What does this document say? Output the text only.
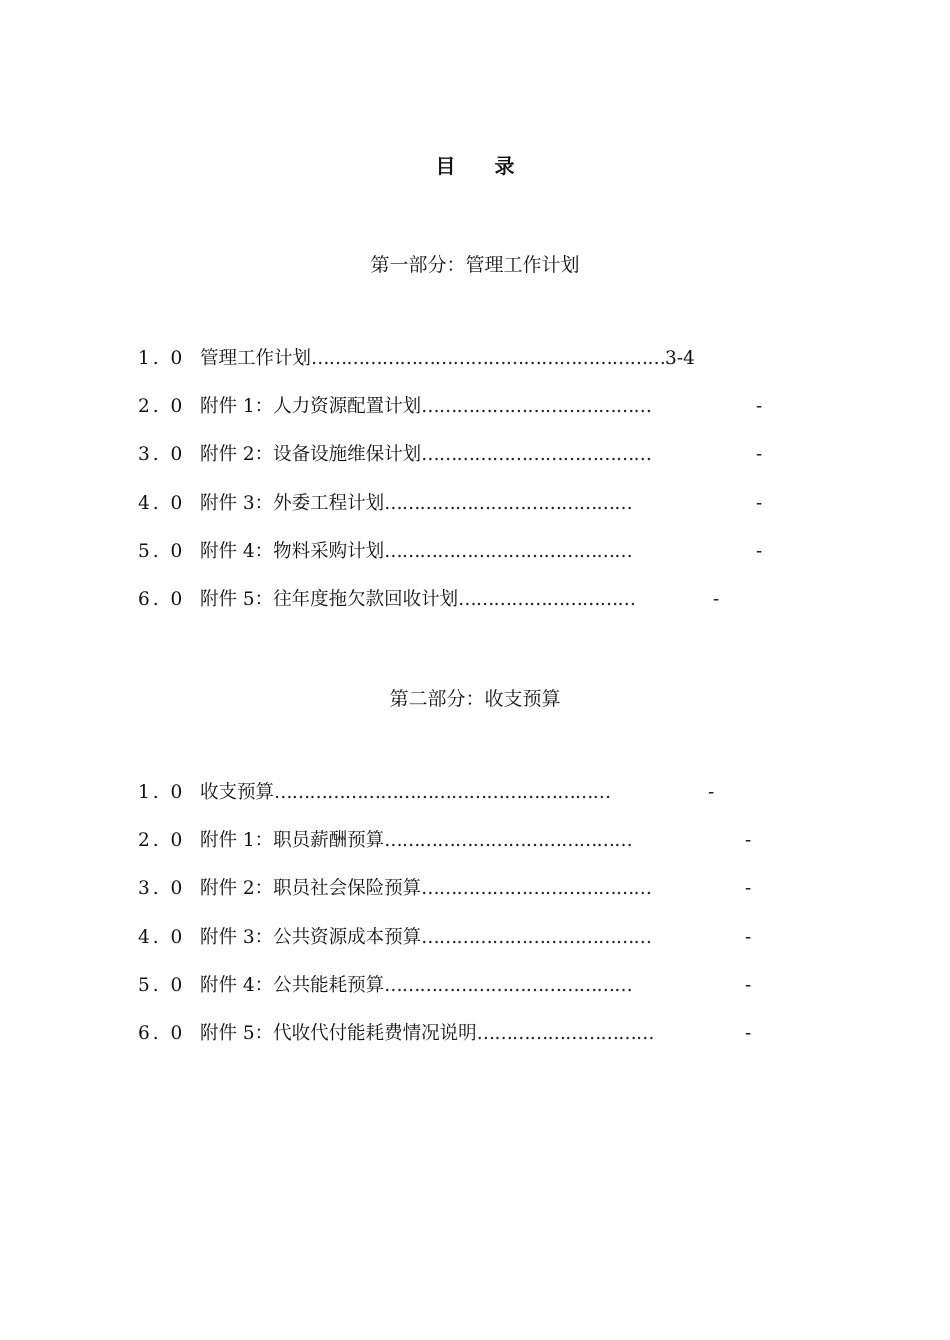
目 录
第一部分：管理工作计划
1. 0 管理工作计划……………………………………………………3-4
2. 0 附件 1：人力资源配置计划…………………………………	-
3. 0 附件 2：设备设施维保计划…………………………………	-
4. 0 附件 3：外委工程计划……………………………………	-
5. 0 附件 4：物料采购计划……………………………………	-
6. 0 附件 5：往年度拖欠款回收计划…………………………	-
第二部分：收支预算
1. 0 收支预算…………………………………………………	-
2. 0 附件 1：职员薪酬预算……………………………………	-
3. 0 附件 2：职员社会保险预算…………………………………	-
4. 0 附件 3：公共资源成本预算…………………………………	-
5. 0 附件 4：公共能耗预算……………………………………	-
6. 0 附件 5：代收代付能耗费情况说明…………………………	-
